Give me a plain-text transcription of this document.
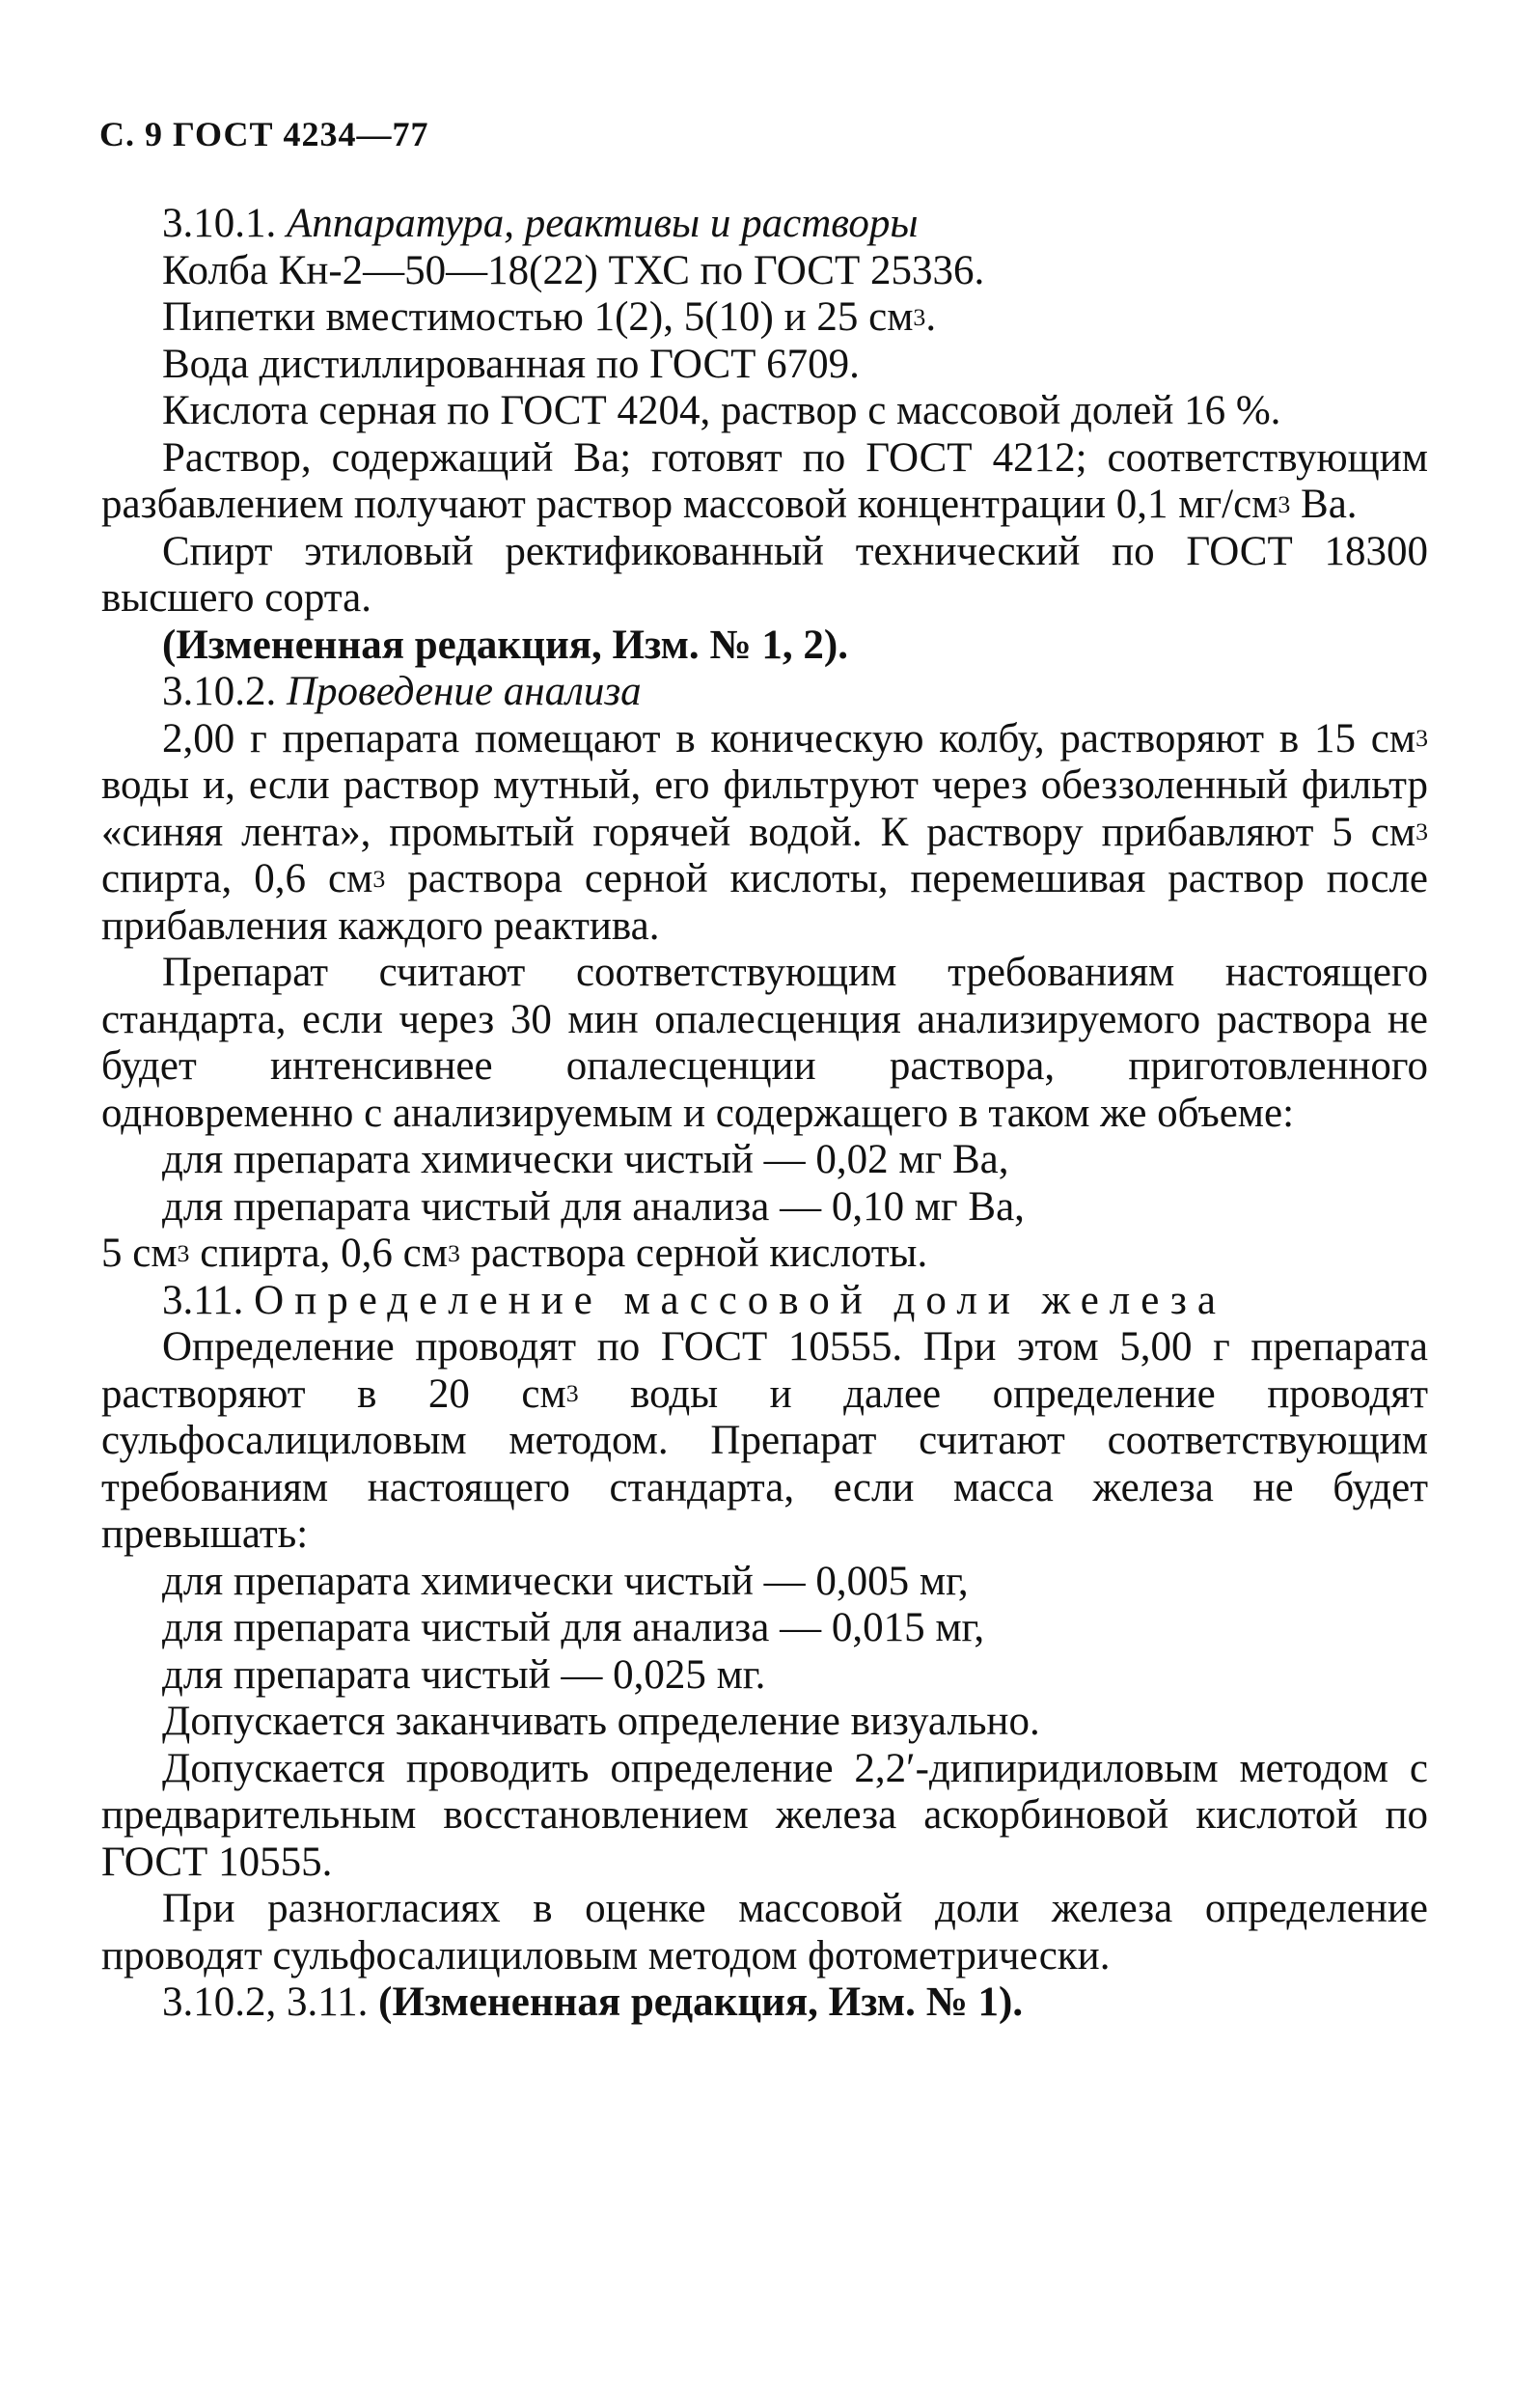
С. 9 ГОСТ 4234—77

3.10.1. Аппаратура, реактивы и растворы

Колба Кн-2—50—18(22) ТХС по ГОСТ 25336.

Пипетки вместимостью 1(2), 5(10) и 25 $см^3$.

Вода дистиллированная по ГОСТ 6709.

Кислота серная по ГОСТ 4204, раствор с массовой долей 16 %.

Раствор, содержащий Ва; готовят по ГОСТ 4212; соответствующим разбавлением получают раствор массовой концентрации 0,1 $мг/см^3$ Ва.

Спирт этиловый ректификованный технический по ГОСТ 18300 высшего сорта.

(Измененная редакция, Изм. № 1, 2).

3.10.2. Проведение анализа

2,00 г препарата помещают в коническую колбу, растворяют в 15 $см^3$ воды и, если раствор мутный, его фильтруют через обеззоленный фильтр «синяя лента», промытый горячей водой. К раствору прибавляют 5 $см^3$ спирта, 0,6 $см^3$ раствора серной кислоты, перемешивая раствор после прибавления каждого реактива.

Препарат считают соответствующим требованиям настоящего стандарта, если через 30 мин опалесценция анализируемого раствора не будет интенсивнее опалесценции раствора, приготовленного одновременно с анализируемым и содержащего в таком же объеме:

для препарата химически чистый — 0,02 мг Ва,

для препарата чистый для анализа — 0,10 мг Ва,

5 $см^3$ спирта, 0,6 $см^3$ раствора серной кислоты.

3.11. Определение массовой доли железа

Определение проводят по ГОСТ 10555. При этом 5,00 г препарата растворяют в 20 $см^3$ воды и далее определение проводят сульфосалициловым методом. Препарат считают соответствующим требованиям настоящего стандарта, если масса железа не будет превышать:

для препарата химически чистый — 0,005 мг,

для препарата чистый для анализа — 0,015 мг,

для препарата чистый — 0,025 мг.

Допускается заканчивать определение визуально.

Допускается проводить определение 2,2′-дипиридиловым методом с предварительным восстановлением железа аскорбиновой кислотой по ГОСТ 10555.

При разногласиях в оценке массовой доли железа определение проводят сульфосалициловым методом фотометрически.

3.10.2, 3.11. (Измененная редакция, Изм. № 1).
